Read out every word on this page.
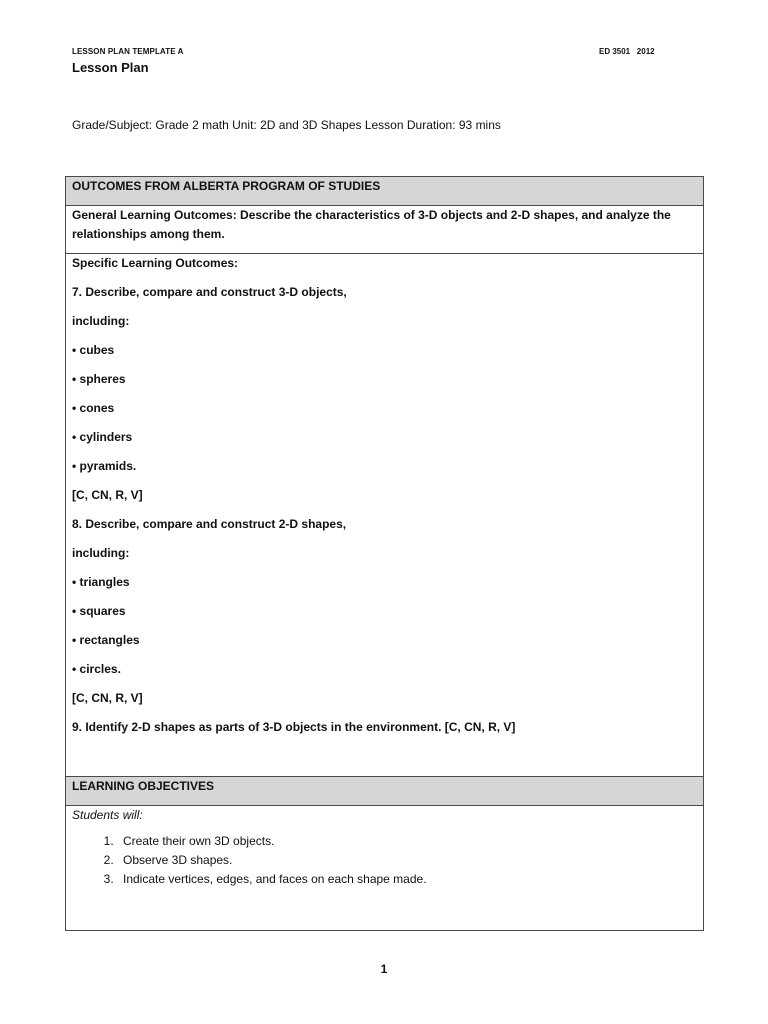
LESSON PLAN TEMPLATE A	ED 3501   2012
Lesson Plan
Grade/Subject: Grade 2 math Unit: 2D and 3D Shapes Lesson Duration: 93 mins
OUTCOMES FROM ALBERTA PROGRAM OF STUDIES
General Learning Outcomes: Describe the characteristics of 3-D objects and 2-D shapes, and analyze the relationships among them.

Specific Learning Outcomes:

7. Describe, compare and construct 3-D objects,

including:

• cubes

• spheres

• cones

• cylinders

• pyramids.

[C, CN, R, V]

8. Describe, compare and construct 2-D shapes,

including:

• triangles

• squares

• rectangles

• circles.

[C, CN, R, V]

9. Identify 2-D shapes as parts of 3-D objects in the environment. [C, CN, R, V]

LEARNING OBJECTIVES

Students will:
1. Create their own 3D objects.
2. Observe 3D shapes.
3. Indicate vertices, edges, and faces on each shape made.
1
